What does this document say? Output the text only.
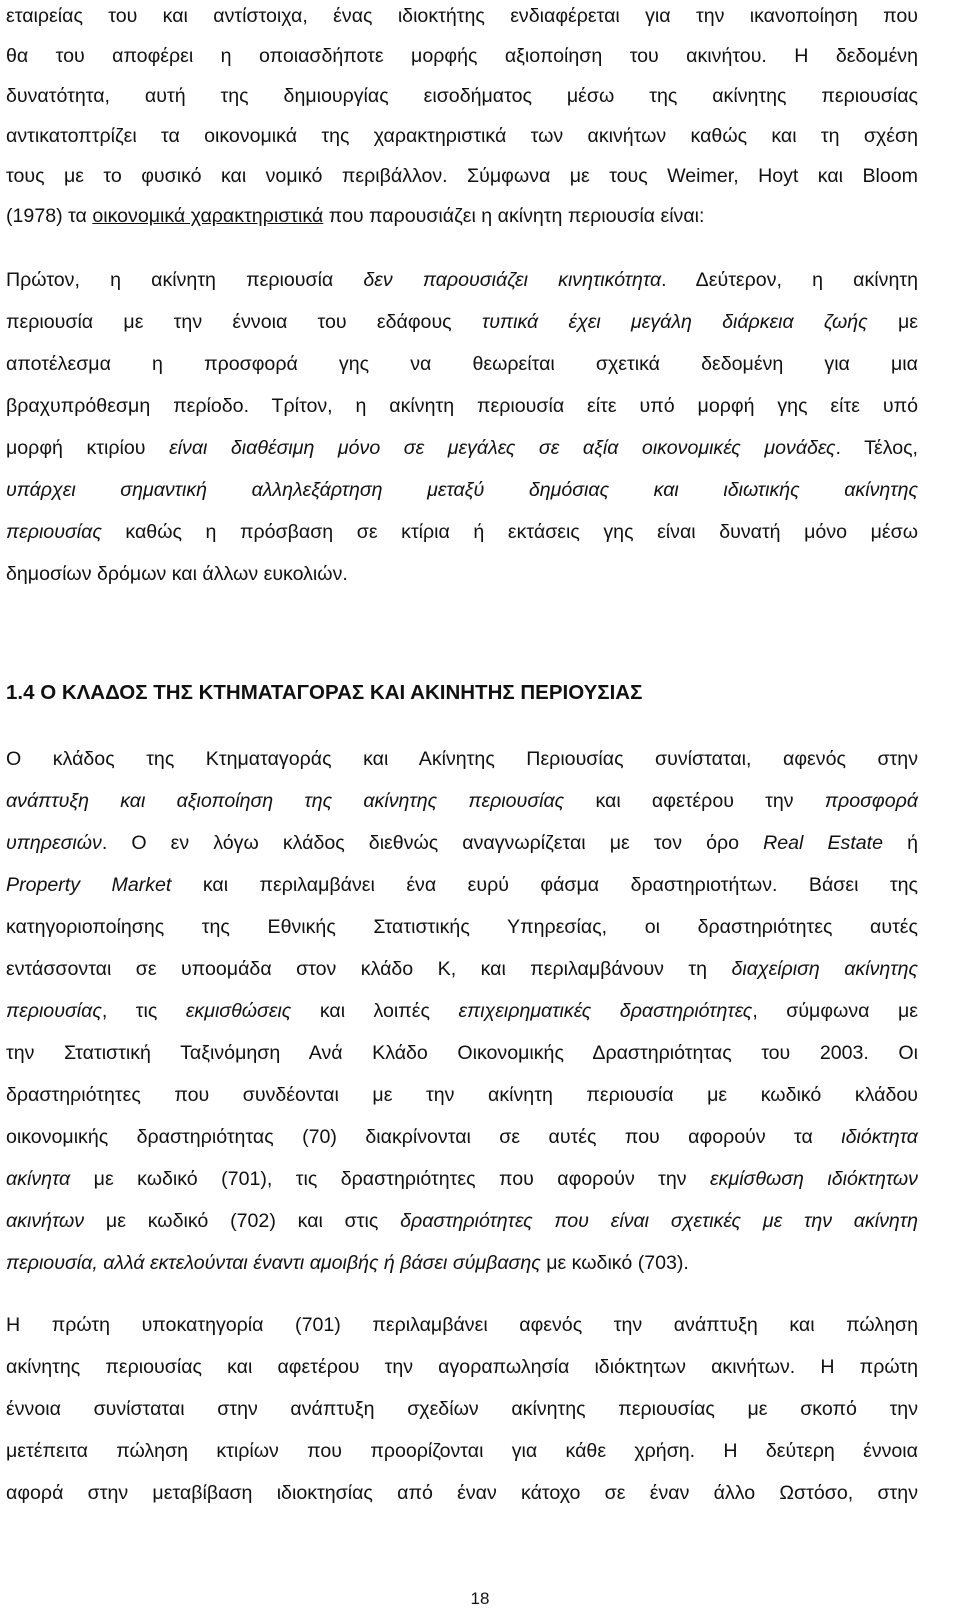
εταιρείας του και αντίστοιχα, ένας ιδιοκτήτης ενδιαφέρεται για την ικανοποίηση που
θα του αποφέρει η οποιασδήποτε μορφής αξιοποίηση του ακινήτου. Η δεδομένη
δυνατότητα, αυτή της δημιουργίας εισοδήματος μέσω της ακίνητης περιουσίας
αντικατοπτρίζει τα οικονομικά της χαρακτηριστικά των ακινήτων καθώς και τη σχέση
τους με το φυσικό και νομικό περιβάλλον. Σύμφωνα με τους Weimer, Hoyt και Bloom
(1978) τα οικονομικά χαρακτηριστικά που παρουσιάζει η ακίνητη περιουσία είναι:
Πρώτον, η ακίνητη περιουσία δεν παρουσιάζει κινητικότητα. Δεύτερον, η ακίνητη
περιουσία με την έννοια του εδάφους τυπικά έχει μεγάλη διάρκεια ζωής με
αποτέλεσμα η προσφορά γης να θεωρείται σχετικά δεδομένη για μια
βραχυπρόθεσμη περίοδο. Τρίτον, η ακίνητη περιουσία είτε υπό μορφή γης είτε υπό
μορφή κτιρίου είναι διαθέσιμη μόνο σε μεγάλες σε αξία οικονομικές μονάδες. Τέλος,
υπάρχει σημαντική αλληλεξάρτηση μεταξύ δημόσιας και ιδιωτικής ακίνητης
περιουσίας καθώς η πρόσβαση σε κτίρια ή εκτάσεις γης είναι δυνατή μόνο μέσω
δημοσίων δρόμων και άλλων ευκολιών.
1.4 Ο ΚΛΑΔΟΣ ΤΗΣ ΚΤΗΜΑΤΑΓΟΡΑΣ ΚΑΙ ΑΚΙΝΗΤΗΣ ΠΕΡΙΟΥΣΙΑΣ
Ο κλάδος της Κτηματαγοράς και Ακίνητης Περιουσίας συνίσταται, αφενός στην
ανάπτυξη και αξιοποίηση της ακίνητης περιουσίας και αφετέρου την προσφορά
υπηρεσιών. Ο εν λόγω κλάδος διεθνώς αναγνωρίζεται με τον όρο Real Estate ή
Property Market και περιλαμβάνει ένα ευρύ φάσμα δραστηριοτήτων. Βάσει της
κατηγοριοποίησης της Εθνικής Στατιστικής Υπηρεσίας, οι δραστηριότητες αυτές
εντάσσονται σε υποομάδα στον κλάδο Κ, και περιλαμβάνουν τη διαχείριση ακίνητης
περιουσίας, τις εκμισθώσεις και λοιπές επιχειρηματικές δραστηριότητες, σύμφωνα με
την Στατιστική Ταξινόμηση Ανά Κλάδο Οικονομικής Δραστηριότητας του 2003. Οι
δραστηριότητες που συνδέονται με την ακίνητη περιουσία με κωδικό κλάδου
οικονομικής δραστηριότητας (70) διακρίνονται σε αυτές που αφορούν τα ιδιόκτητα
ακίνητα με κωδικό (701), τις δραστηριότητες που αφορούν την εκμίσθωση ιδιόκτητων
ακινήτων με κωδικό (702) και στις δραστηριότητες που είναι σχετικές με την ακίνητη
περιουσία, αλλά εκτελούνται έναντι αμοιβής ή βάσει σύμβασης με κωδικό (703).
Η πρώτη υποκατηγορία (701) περιλαμβάνει αφενός την ανάπτυξη και πώληση
ακίνητης περιουσίας και αφετέρου την αγοραπωλησία ιδιόκτητων ακινήτων. Η πρώτη
έννοια συνίσταται στην ανάπτυξη σχεδίων ακίνητης περιουσίας με σκοπό την
μετέπειτα πώληση κτιρίων που προορίζονται για κάθε χρήση. Η δεύτερη έννοια
αφορά στην μεταβίβαση ιδιοκτησίας από έναν κάτοχο σε έναν άλλο Ωστόσο, στην
18
